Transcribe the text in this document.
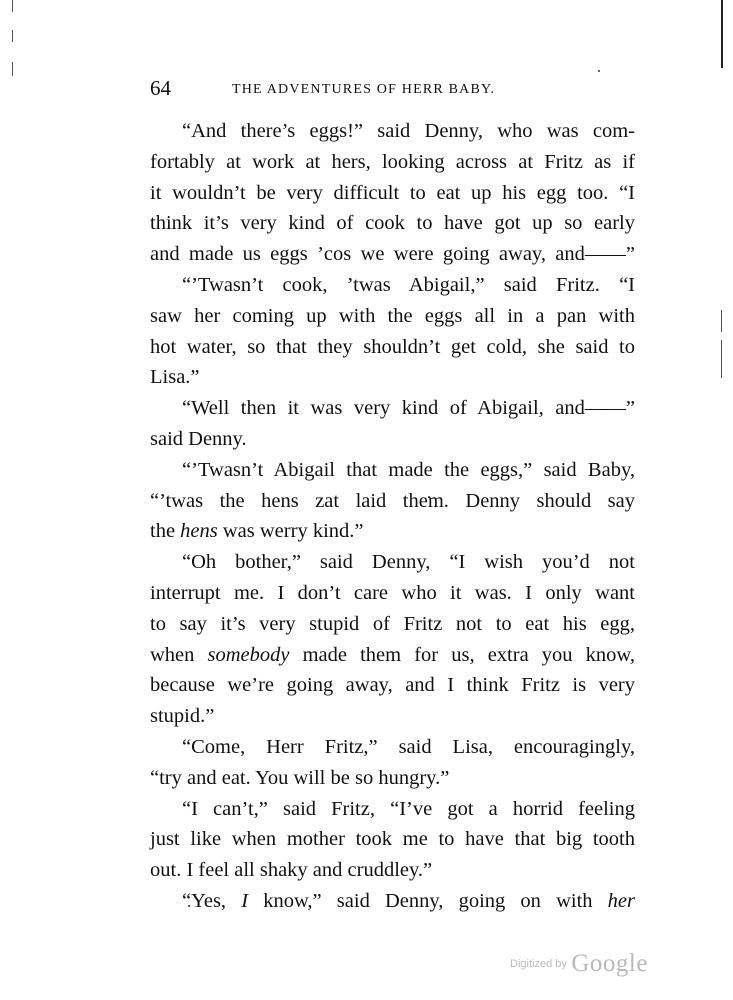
64	THE ADVENTURES OF HERR BABY.
“And there’s eggs!” said Denny, who was com-
fortably at work at hers, looking across at Fritz as if
it wouldn’t be very difficult to eat up his egg too. “I
think it’s very kind of cook to have got up so early
and made us eggs ’cos we were going away, and——”
“’Twasn’t cook, ’twas Abigail,” said Fritz. “I
saw her coming up with the eggs all in a pan with
hot water, so that they shouldn’t get cold, she said to
Lisa.”
“Well then it was very kind of Abigail, and——”
said Denny.
“’Twasn’t Abigail that made the eggs,” said Baby,
“’twas the hens zat laid them. Denny should say
the hens was werry kind.”
“Oh bother,” said Denny, “I wish you’d not
interrupt me. I don’t care who it was. I only want
to say it’s very stupid of Fritz not to eat his egg,
when somebody made them for us, extra you know,
because we’re going away, and I think Fritz is very
stupid.”
“Come, Herr Fritz,” said Lisa, encouragingly,
“try and eat. You will be so hungry.”
“I can’t,” said Fritz, “I’ve got a horrid feeling
just like when mother took me to have that big tooth
out. I feel all shaky and cruddley.”
“Yes, I know,” said Denny, going on with her
$^{Digitized by}$ Google
